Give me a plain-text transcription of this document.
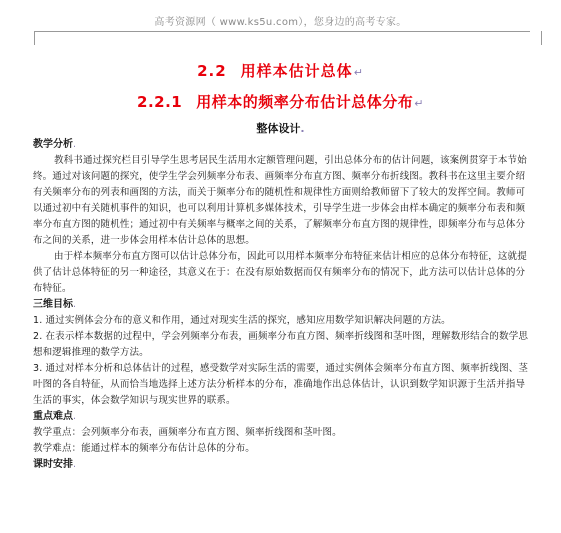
高考资源网（ www.ks5u.com），您身边的高考专家。
2.2 用样本估计总体↵
2.2.1 用样本的频率分布估计总体分布↵
整体设计.

教学分析.

教科书通过探究栏目引导学生思考居民生活用水定额管理问题，引出总体分布的估计问题，该案例贯穿于本节始终。通过对该问题的探究，使学生学会列频率分布表、画频率分布直方图、频率分布折线图。教科书在这里主要介绍有关频率分布的列表和画图的方法，而关于频率分布的随机性和规律性方面则给教师留下了较大的发挥空间。教师可以通过初中有关随机事件的知识，也可以利用计算机多媒体技术，引导学生进一步体会由样本确定的频率分布表和频率分布直方图的随机性；通过初中有关频率与概率之间的关系，了解频率分布直方图的规律性，即频率分布与总体分布之间的关系，进一步体会用样本估计总体的思想。

由于样本频率分布直方图可以估计总体分布，因此可以用样本频率分布特征来估计相应的总体分布特征，这就提供了估计总体特征的另一种途径，其意义在于：在没有原始数据而仅有频率分布的情况下，此方法可以估计总体的分布特征。

三维目标.

1. 通过实例体会分布的意义和作用，通过对现实生活的探究，感知应用数学知识解决问题的方法。

2. 在表示样本数据的过程中，学会列频率分布表，画频率分布直方图、频率折线图和茎叶图，理解数形结合的数学思想和逻辑推理的数学方法。

3. 通过对样本分析和总体估计的过程，感受数学对实际生活的需要，通过实例体会频率分布直方图、频率折线图、茎叶图的各自特征，从而恰当地选择上述方法分析样本的分布，准确地作出总体估计，认识到数学知识源于生活并指导生活的事实，体会数学知识与现实世界的联系。

重点难点.

教学重点：会列频率分布表，画频率分布直方图、频率折线图和茎叶图。

教学难点：能通过样本的频率分布估计总体的分布。

课时安排.
